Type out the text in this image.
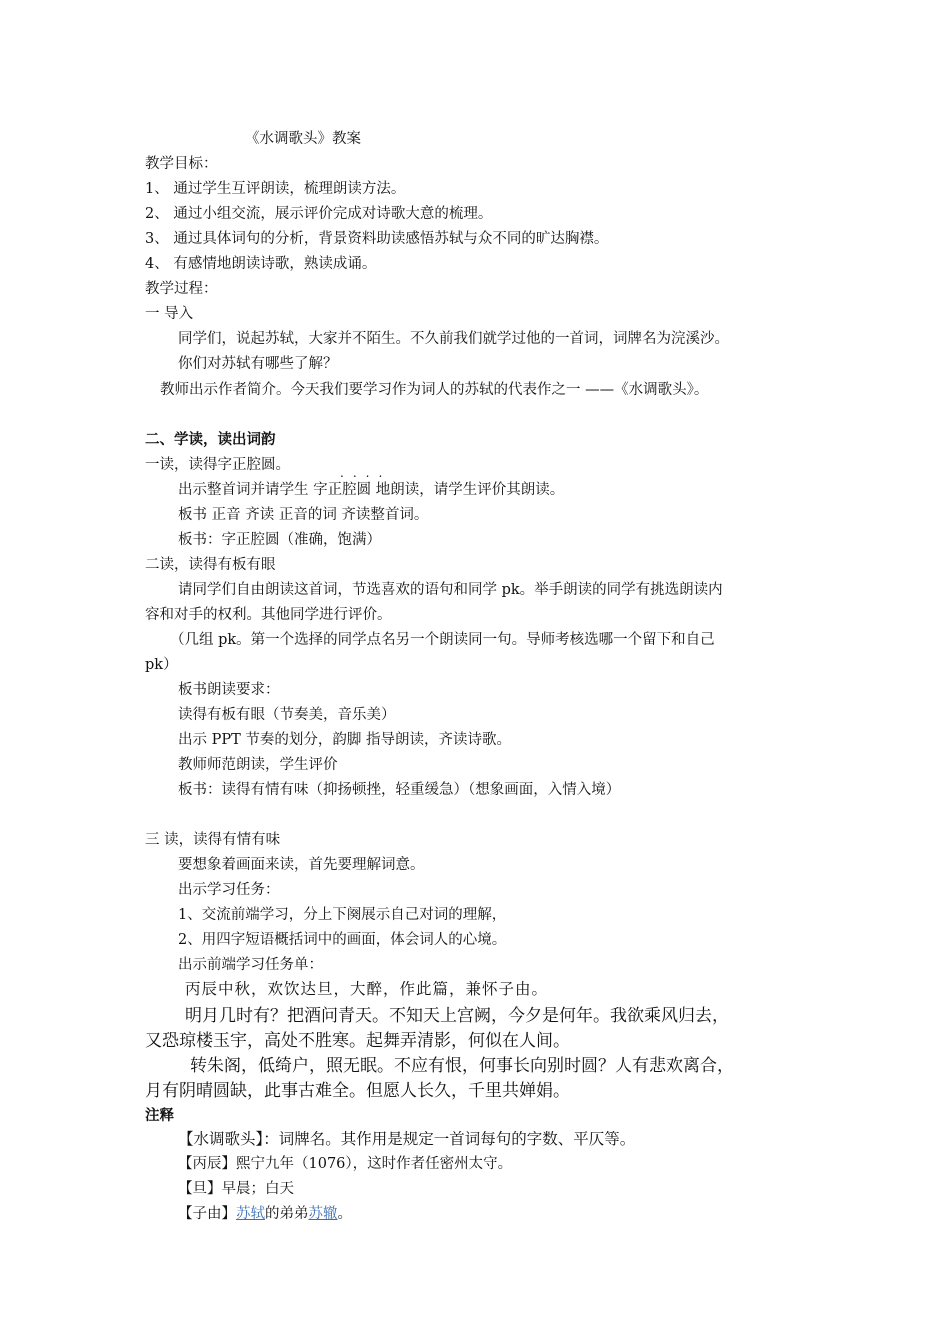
《水调歌头》教案
教学目标：
1、 通过学生互评朗读，梳理朗读方法。
2、 通过小组交流，展示评价完成对诗歌大意的梳理。
3、 通过具体词句的分析，背景资料助读感悟苏轼与众不同的旷达胸襟。
4、 有感情地朗读诗歌，熟读成诵。
教学过程：
一 导入
同学们，说起苏轼，大家并不陌生。不久前我们就学过他的一首词，词牌名为浣溪沙。
你们对苏轼有哪些了解？
教师出示作者简介。今天我们要学习作为词人的苏轼的代表作之一 ——《水调歌头》。
二、学读，读出词韵
一读，读得字正腔圆。	....
出示整首词并请学生 字正腔圆 地朗读，请学生评价其朗读。
板书 正音 齐读 正音的词 齐读整首词。
板书：字正腔圆（准确，饱满）
二读，读得有板有眼
请同学们自由朗读这首词，节选喜欢的语句和同学 pk。举手朗读的同学有挑选朗读内
容和对手的权利。其他同学进行评价。
（几组 pk。第一个选择的同学点名另一个朗读同一句。导师考核选哪一个留下和自己
pk）
板书朗读要求：
读得有板有眼（节奏美，音乐美）
出示 PPT 节奏的划分，韵脚 指导朗读，齐读诗歌。
教师师范朗读，学生评价
板书：读得有情有味（抑扬顿挫，轻重缓急）（想象画面，入情入境）
三 读，读得有情有味
要想象着画面来读，首先要理解词意。
出示学习任务：
1、交流前端学习，分上下阕展示自己对词的理解，
2、用四字短语概括词中的画面，体会词人的心境。
出示前端学习任务单：
丙辰中秋，欢饮达旦，大醉，作此篇，兼怀子由。
明月几时有？把酒问青天。不知天上宫阙，今夕是何年。我欲乘风归去，
又恐琼楼玉宇，高处不胜寒。起舞弄清影，何似在人间。
转朱阁，低绮户，照无眠。不应有恨，何事长向别时圆？人有悲欢离合，
月有阴晴圆缺，此事古难全。但愿人长久，千里共婵娟。
注释
【水调歌头】：词牌名。其作用是规定一首词每句的字数、平仄等。
【丙辰】熙宁九年（1076），这时作者任密州太守。
【旦】早晨；白天
【子由】苏轼的弟弟苏辙。
